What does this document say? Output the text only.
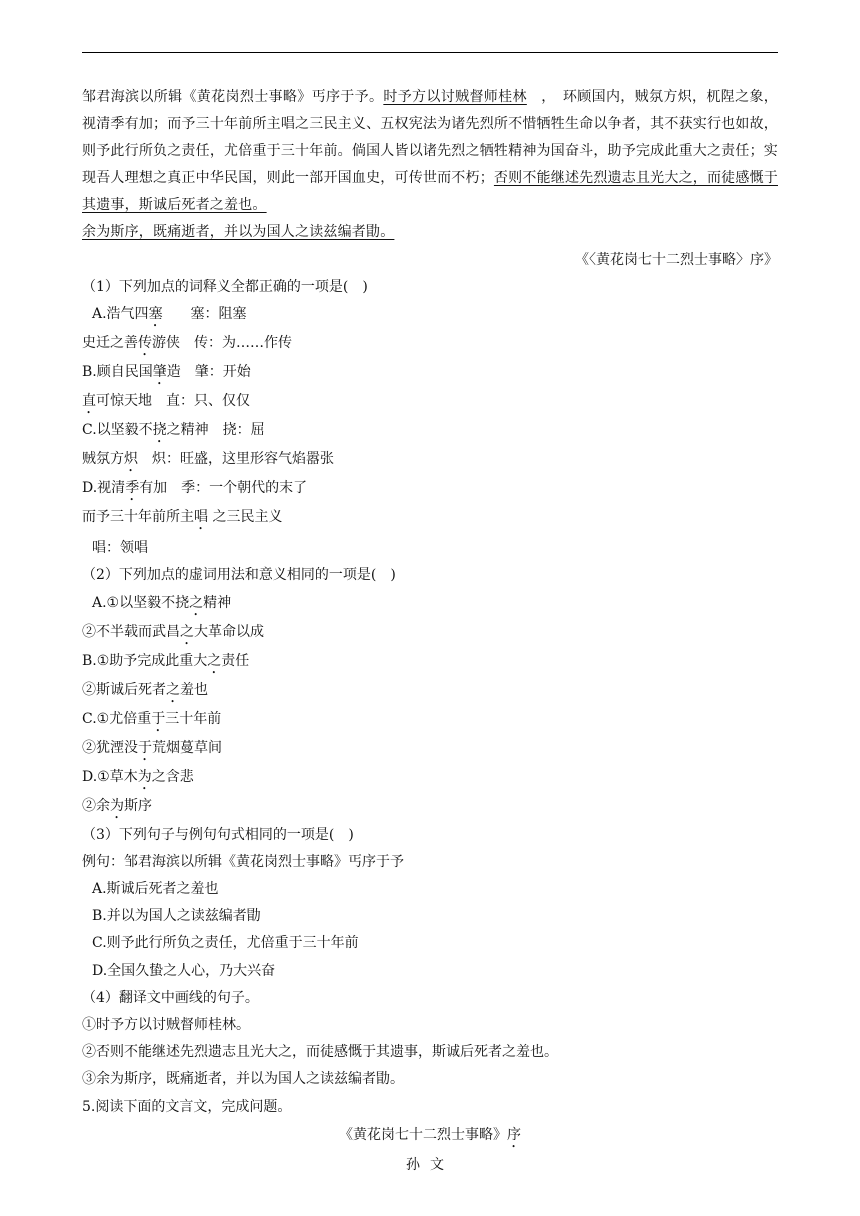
邹君海滨以所辑《黄花岗烈士事略》丐序于予。时予方以讨贼督师桂林　，　环顾国内，贼氛方炽，杌陧之象，视清季有加；而予三十年前所主唱之三民主义、五权宪法为诸先烈所不惜牺牲生命以争者，其不获实行也如故，则予此行所负之责任，尤倍重于三十年前。倘国人皆以诸先烈之牺牲精神为国奋斗，助予完成此重大之责任；实现吾人理想之真正中华民国，则此一部开国血史，可传世而不朽；否则不能继述先烈遗志且光大之，而徒感慨于其遗事，斯诚后死者之羞也。

余为斯序，既痛逝者，并以为国人之读兹编者勖。

《〈黄花岗七十二烈士事略〉序》

（1）下列加点的词释义全都正确的一项是(　)
A.浩气四塞　　塞：阻塞
史迁之善传游侠　传：为……作传
B.顾自民国肇造　肇：开始
直可惊天地　直：只、仅仅
C.以坚毅不挠之精神　挠：屈
贼氛方炽　炽：旺盛，这里形容气焰嚣张
D.视清季有加　季：一个朝代的末了
而予三十年前所主唱 之三民主义
唱：领唱
（2）下列加点的虚词用法和意义相同的一项是(　)
A.①以坚毅不挠之精神
②不半载而武昌之大革命以成
B.①助予完成此重大之责任
②斯诚后死者之羞也
C.①尤倍重于三十年前
②犹湮没于荒烟蔓草间
D.①草木为之含悲
②余为斯序
（3）下列句子与例句句式相同的一项是(　)
例句：邹君海滨以所辑《黄花岗烈士事略》丐序于予
A.斯诚后死者之羞也
B.并以为国人之读兹编者勖
C.则予此行所负之责任，尤倍重于三十年前
D.全国久蛰之人心，乃大兴奋
（4）翻译文中画线的句子。
①时予方以讨贼督师桂林。
②否则不能继述先烈遗志且光大之，而徒感慨于其遗事，斯诚后死者之羞也。
③余为斯序，既痛逝者，并以为国人之读兹编者勖。
5.阅读下面的文言文，完成问题。

《黄花岗七十二烈士事略》序

孙文
